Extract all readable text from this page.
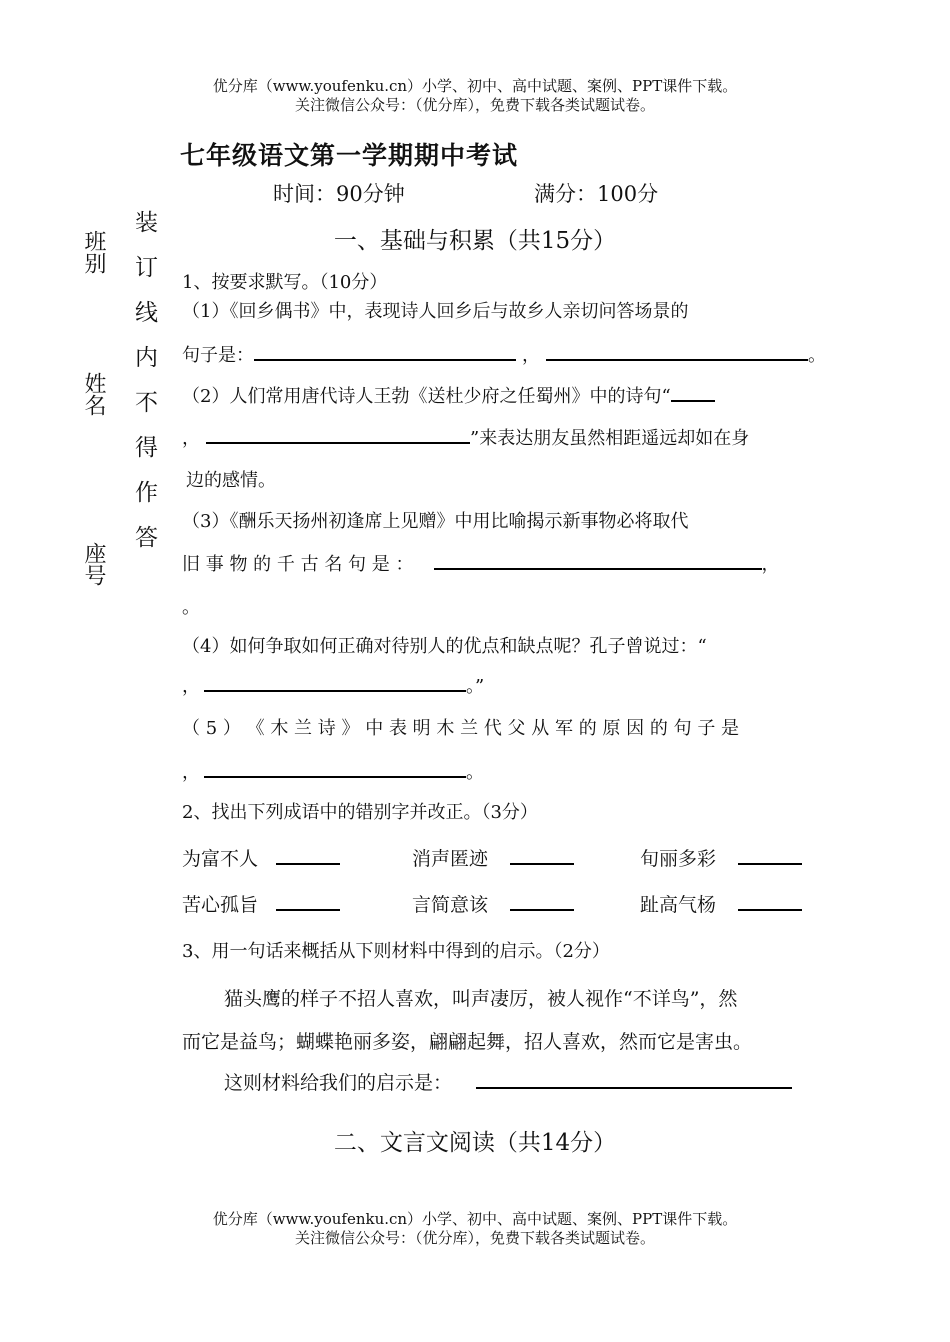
优分库（www.youfenku.cn）小学、初中、高中试题、案例、PPT课件下载。
关注微信公众号：（优分库），免费下载各类试题试卷。
七年级语文第一学期期中考试
时间：90分钟	满分：100分
班别
姓名
座号 装订线内不得作答	一、基础与积累（共15分）
1、按要求默写。（10分）
（1）《回乡偶书》中，表现诗人回乡后与故乡人亲切问答场景的
句子是：	，	。
（2）人们常用唐代诗人王勃《送杜少府之任蜀州》中的诗句“
，	”来表达朋友虽然相距遥远却如在身
边的感情。
（3）《酬乐天扬州初逢席上见赠》中用比喻揭示新事物必将取代
旧 事 物 的 千 古 名 句 是 ：	，
。
（4）如何争取如何正确对待别人的优点和缺点呢？孔子曾说过：“
，	。”
（ 5 ） 《 木 兰 诗 》 中 表 明 木 兰 代 父 从 军 的 原 因 的 句 子 是
，	。
2、找出下列成语中的错别字并改正。（3分）
为富不人	消声匿迹	旬丽多彩
苦心孤旨	言简意该	趾高气杨
3、用一句话来概括从下则材料中得到的启示。（2分）
猫头鹰的样子不招人喜欢，叫声凄厉，被人视作“不详鸟”，然
而它是益鸟；蝴蝶艳丽多姿，翩翩起舞，招人喜欢，然而它是害虫。
这则材料给我们的启示是：
二、文言文阅读（共14分）
优分库（www.youfenku.cn）小学、初中、高中试题、案例、PPT课件下载。
关注微信公众号：（优分库），免费下载各类试题试卷。
